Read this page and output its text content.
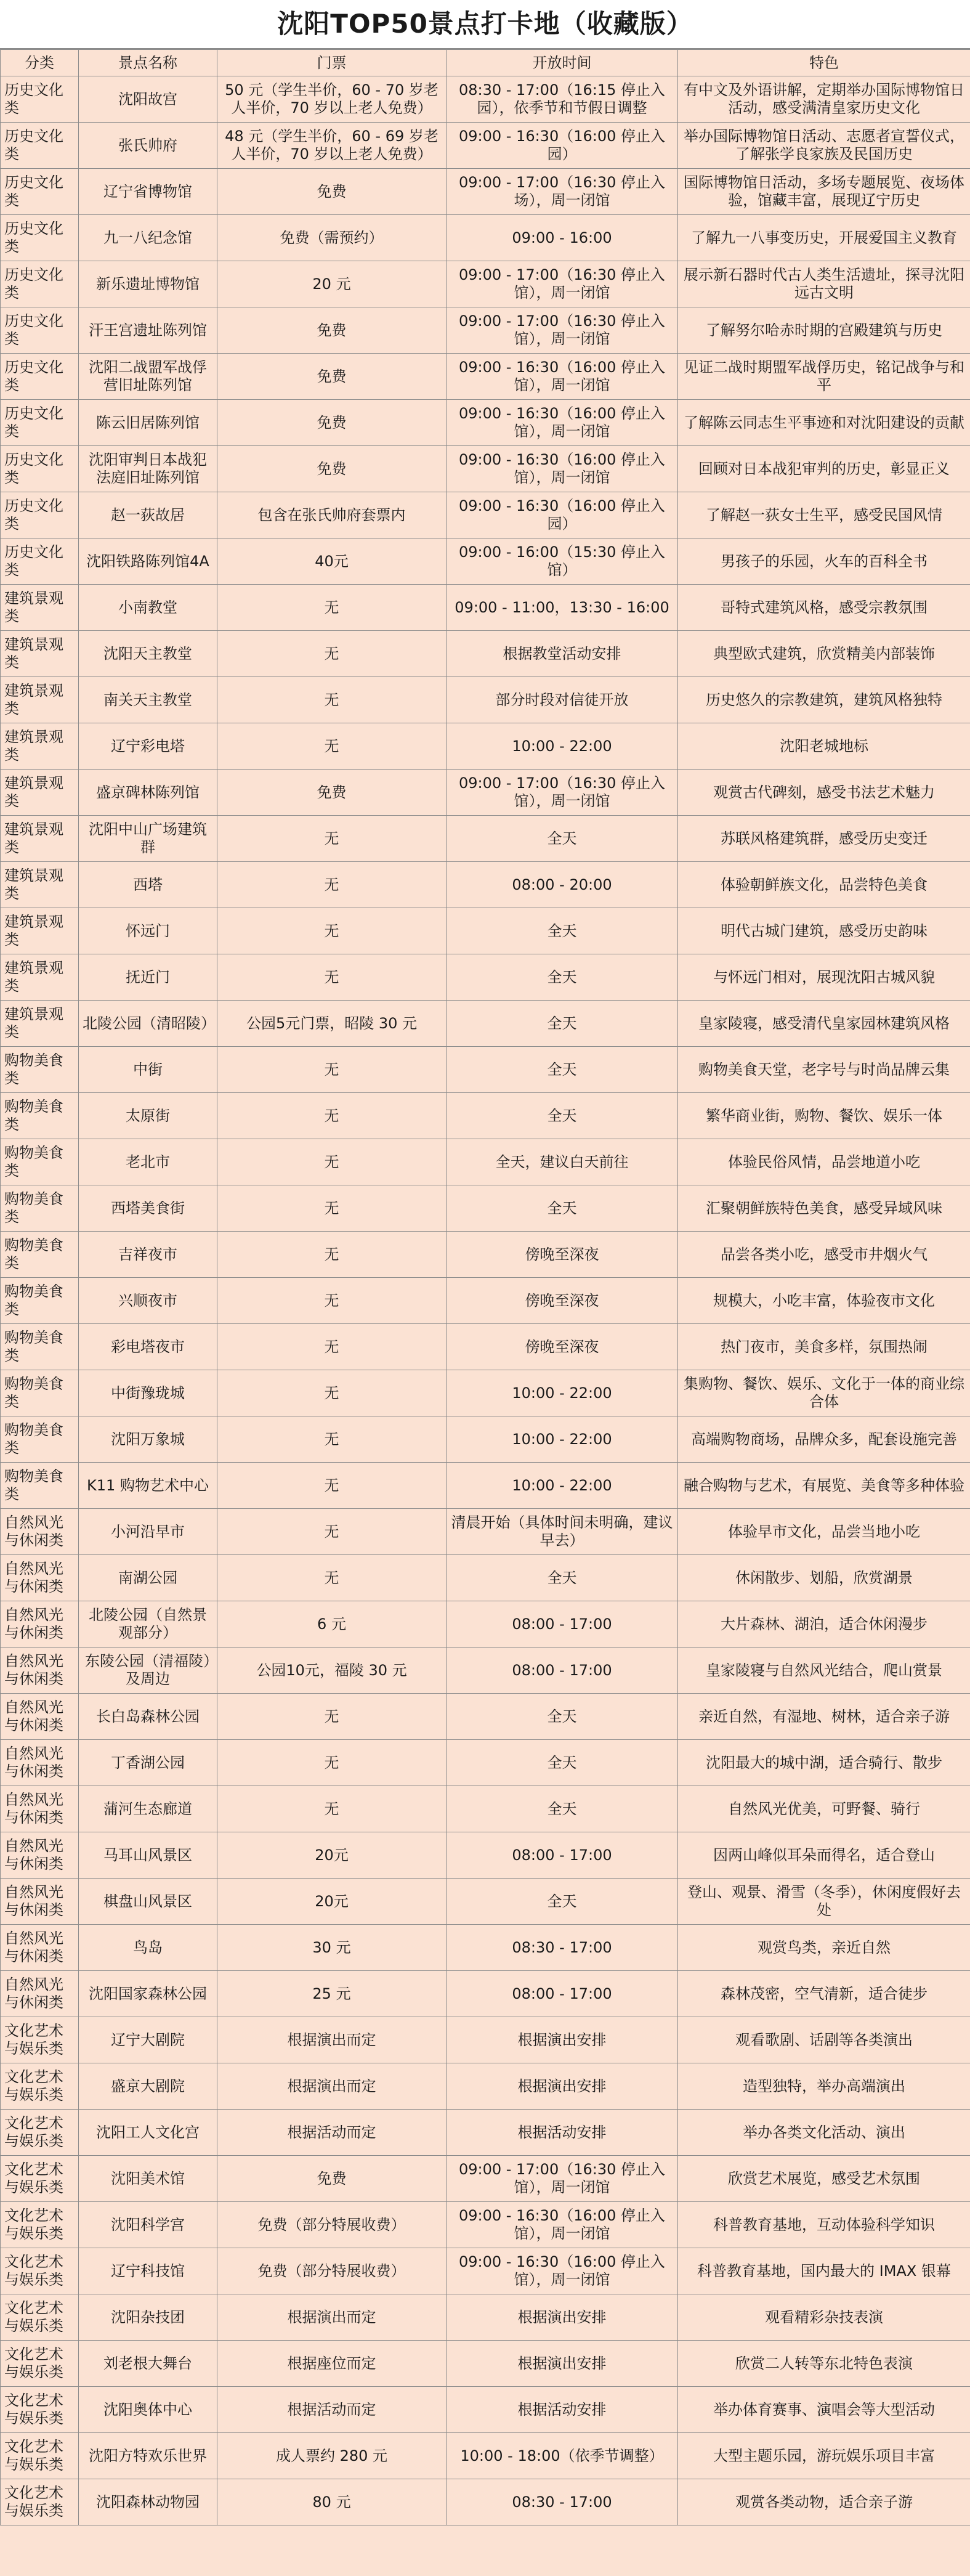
沈阳TOP50景点打卡地（收藏版）
分类	景点名称	门票	开放时间	特色
历史文化类	沈阳故宫	50 元（学生半价，60 - 70 岁老人半价，70 岁以上老人免费）	08:30 - 17:00（16:15 停止入园），依季节和节假日调整	有中文及外语讲解，定期举办国际博物馆日活动，感受满清皇家历史文化
历史文化类	张氏帅府	48 元（学生半价，60 - 69 岁老人半价，70 岁以上老人免费）	09:00 - 16:30（16:00 停止入园）	举办国际博物馆日活动、志愿者宣誓仪式，了解张学良家族及民国历史
历史文化类	辽宁省博物馆	免费	09:00 - 17:00（16:30 停止入场），周一闭馆	国际博物馆日活动，多场专题展览、夜场体验，馆藏丰富，展现辽宁历史
历史文化类	九一八纪念馆	免费（需预约）	09:00 - 16:00	了解九一八事变历史，开展爱国主义教育
历史文化类	新乐遗址博物馆	20 元	09:00 - 17:00（16:30 停止入馆），周一闭馆	展示新石器时代古人类生活遗址，探寻沈阳远古文明
历史文化类	汗王宫遗址陈列馆	免费	09:00 - 17:00（16:30 停止入馆），周一闭馆	了解努尔哈赤时期的宫殿建筑与历史
历史文化类	沈阳二战盟军战俘营旧址陈列馆	免费	09:00 - 16:30（16:00 停止入馆），周一闭馆	见证二战时期盟军战俘历史，铭记战争与和平
历史文化类	陈云旧居陈列馆	免费	09:00 - 16:30（16:00 停止入馆），周一闭馆	了解陈云同志生平事迹和对沈阳建设的贡献
历史文化类	沈阳审判日本战犯法庭旧址陈列馆	免费	09:00 - 16:30（16:00 停止入馆），周一闭馆	回顾对日本战犯审判的历史，彰显正义
历史文化类	赵一荻故居	包含在张氏帅府套票内	09:00 - 16:30（16:00 停止入园）	了解赵一荻女士生平，感受民国风情
历史文化类	沈阳铁路陈列馆4A	40元	09:00 - 16:00（15:30 停止入馆）	男孩子的乐园，火车的百科全书
建筑景观类	小南教堂	无	09:00 - 11:00，13:30 - 16:00	哥特式建筑风格，感受宗教氛围
建筑景观类	沈阳天主教堂	无	根据教堂活动安排	典型欧式建筑，欣赏精美内部装饰
建筑景观类	南关天主教堂	无	部分时段对信徒开放	历史悠久的宗教建筑，建筑风格独特
建筑景观类	辽宁彩电塔	无	10:00 - 22:00	沈阳老城地标
建筑景观类	盛京碑林陈列馆	免费	09:00 - 17:00（16:30 停止入馆），周一闭馆	观赏古代碑刻，感受书法艺术魅力
建筑景观类	沈阳中山广场建筑群	无	全天	苏联风格建筑群，感受历史变迁
建筑景观类	西塔	无	08:00 - 20:00	体验朝鲜族文化，品尝特色美食
建筑景观类	怀远门	无	全天	明代古城门建筑，感受历史韵味
建筑景观类	抚近门	无	全天	与怀远门相对，展现沈阳古城风貌
建筑景观类	北陵公园（清昭陵）	公园5元门票，昭陵 30 元	全天	皇家陵寝，感受清代皇家园林建筑风格
购物美食类	中街	无	全天	购物美食天堂，老字号与时尚品牌云集
购物美食类	太原街	无	全天	繁华商业街，购物、餐饮、娱乐一体
购物美食类	老北市	无	全天，建议白天前往	体验民俗风情，品尝地道小吃
购物美食类	西塔美食街	无	全天	汇聚朝鲜族特色美食，感受异域风味
购物美食类	吉祥夜市	无	傍晚至深夜	品尝各类小吃，感受市井烟火气
购物美食类	兴顺夜市	无	傍晚至深夜	规模大，小吃丰富，体验夜市文化
购物美食类	彩电塔夜市	无	傍晚至深夜	热门夜市，美食多样，氛围热闹
购物美食类	中街豫珑城	无	10:00 - 22:00	集购物、餐饮、娱乐、文化于一体的商业综合体
购物美食类	沈阳万象城	无	10:00 - 22:00	高端购物商场，品牌众多，配套设施完善
购物美食类	K11 购物艺术中心	无	10:00 - 22:00	融合购物与艺术，有展览、美食等多种体验
自然风光与休闲类	小河沿早市	无	清晨开始（具体时间未明确，建议早去）	体验早市文化，品尝当地小吃
自然风光与休闲类	南湖公园	无	全天	休闲散步、划船，欣赏湖景
自然风光与休闲类	北陵公园（自然景观部分）	6 元	08:00 - 17:00	大片森林、湖泊，适合休闲漫步
自然风光与休闲类	东陵公园（清福陵）及周边	公园10元，福陵 30 元	08:00 - 17:00	皇家陵寝与自然风光结合，爬山赏景
自然风光与休闲类	长白岛森林公园	无	全天	亲近自然，有湿地、树林，适合亲子游
自然风光与休闲类	丁香湖公园	无	全天	沈阳最大的城中湖，适合骑行、散步
自然风光与休闲类	蒲河生态廊道	无	全天	自然风光优美，可野餐、骑行
自然风光与休闲类	马耳山风景区	20元	08:00 - 17:00	因两山峰似耳朵而得名，适合登山
自然风光与休闲类	棋盘山风景区	20元	全天	登山、观景、滑雪（冬季），休闲度假好去处
自然风光与休闲类	鸟岛	30 元	08:30 - 17:00	观赏鸟类，亲近自然
自然风光与休闲类	沈阳国家森林公园	25 元	08:00 - 17:00	森林茂密，空气清新，适合徒步
文化艺术与娱乐类	辽宁大剧院	根据演出而定	根据演出安排	观看歌剧、话剧等各类演出
文化艺术与娱乐类	盛京大剧院	根据演出而定	根据演出安排	造型独特，举办高端演出
文化艺术与娱乐类	沈阳工人文化宫	根据活动而定	根据活动安排	举办各类文化活动、演出
文化艺术与娱乐类	沈阳美术馆	免费	09:00 - 17:00（16:30 停止入馆），周一闭馆	欣赏艺术展览，感受艺术氛围
文化艺术与娱乐类	沈阳科学宫	免费（部分特展收费）	09:00 - 16:30（16:00 停止入馆），周一闭馆	科普教育基地，互动体验科学知识
文化艺术与娱乐类	辽宁科技馆	免费（部分特展收费）	09:00 - 16:30（16:00 停止入馆），周一闭馆	科普教育基地，国内最大的 IMAX 银幕
文化艺术与娱乐类	沈阳杂技团	根据演出而定	根据演出安排	观看精彩杂技表演
文化艺术与娱乐类	刘老根大舞台	根据座位而定	根据演出安排	欣赏二人转等东北特色表演
文化艺术与娱乐类	沈阳奥体中心	根据活动而定	根据活动安排	举办体育赛事、演唱会等大型活动
文化艺术与娱乐类	沈阳方特欢乐世界	成人票约 280 元	10:00 - 18:00（依季节调整）	大型主题乐园，游玩娱乐项目丰富
文化艺术与娱乐类	沈阳森林动物园	80 元	08:30 - 17:00	观赏各类动物，适合亲子游
